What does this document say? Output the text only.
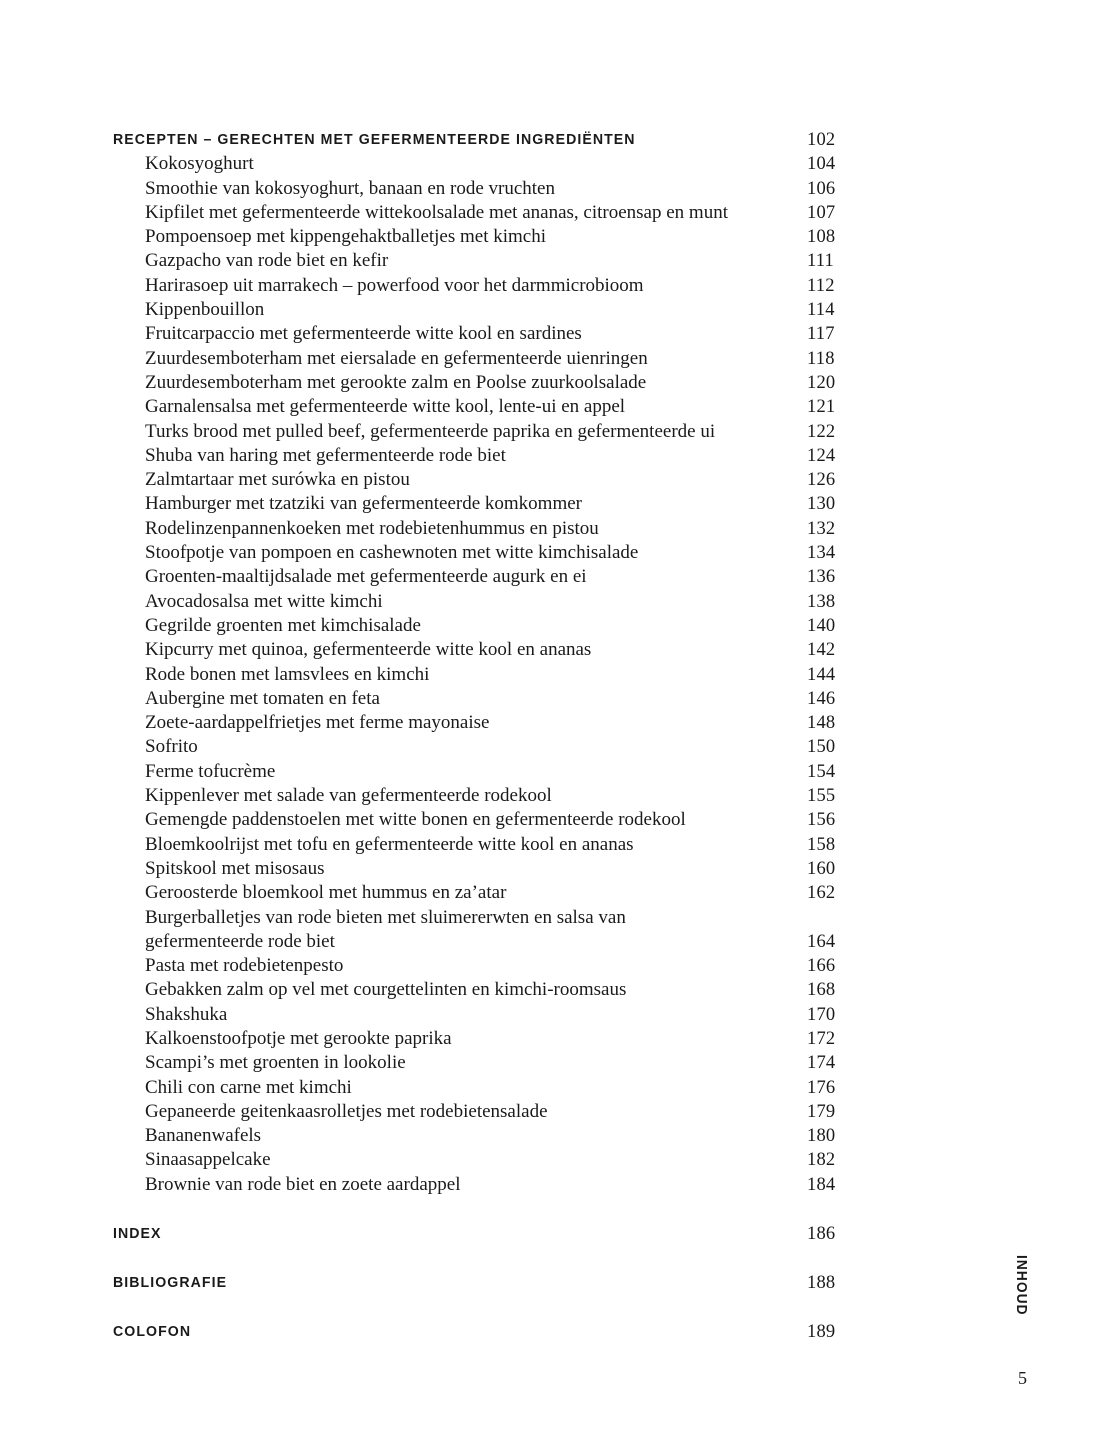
RECEPTEN – GERECHTEN MET GEFERMENTEERDE INGREDIËNTEN	102
Kokosyoghurt	104
Smoothie van kokosyoghurt, banaan en rode vruchten	106
Kipfilet met gefermenteerde wittekoolsalade met ananas, citroensap en munt	107
Pompoensoep met kippengehaktballetjes met kimchi	108
Gazpacho van rode biet en kefir	111
Harirasoep uit marrakech – powerfood voor het darmmicrobioom	112
Kippenbouillon	114
Fruitcarpaccio met gefermenteerde witte kool en sardines	117
Zuurdesemboterham met eiersalade en gefermenteerde uienringen	118
Zuurdesemboterham met gerookte zalm en Poolse zuurkoolsalade	120
Garnalensalsa met gefermenteerde witte kool, lente-ui en appel	121
Turks brood met pulled beef, gefermenteerde paprika en gefermenteerde ui	122
Shuba van haring met gefermenteerde rode biet	124
Zalmtartaar met surówka en pistou	126
Hamburger met tzatziki van gefermenteerde komkommer	130
Rodelinzenpannenkoeken met rodebietenhummus en pistou	132
Stoofpotje van pompoen en cashewnoten met witte kimchisalade	134
Groenten-maaltijdsalade met gefermenteerde augurk en ei	136
Avocadosalsa met witte kimchi	138
Gegrilde groenten met kimchisalade	140
Kipcurry met quinoa, gefermenteerde witte kool en ananas	142
Rode bonen met lamsvlees en kimchi	144
Aubergine met tomaten en feta	146
Zoete-aardappelfrietjes met ferme mayonaise	148
Sofrito	150
Ferme tofucrème	154
Kippenlever met salade van gefermenteerde rodekool	155
Gemengde paddenstoelen met witte bonen en gefermenteerde rodekool	156
Bloemkoolrijst met tofu en gefermenteerde witte kool en ananas	158
Spitskool met misosaus	160
Geroosterde bloemkool met hummus en za’atar	162
Burgerballetjes van rode bieten met sluimererwten en salsa van
gefermenteerde rode biet	164
Pasta met rodebietenpesto	166
Gebakken zalm op vel met courgettelinten en kimchi-roomsaus	168
Shakshuka	170
Kalkoenstoofpotje met gerookte paprika	172
Scampi’s met groenten in lookolie	174
Chili con carne met kimchi	176
Gepaneerde geitenkaasrolletjes met rodebietensalade	179
Bananenwafels	180
Sinaasappelcake	182
Brownie van rode biet en zoete aardappel	184
INDEX	186
BIBLIOGRAFIE	188
COLOFON	189
INHOUD
5
